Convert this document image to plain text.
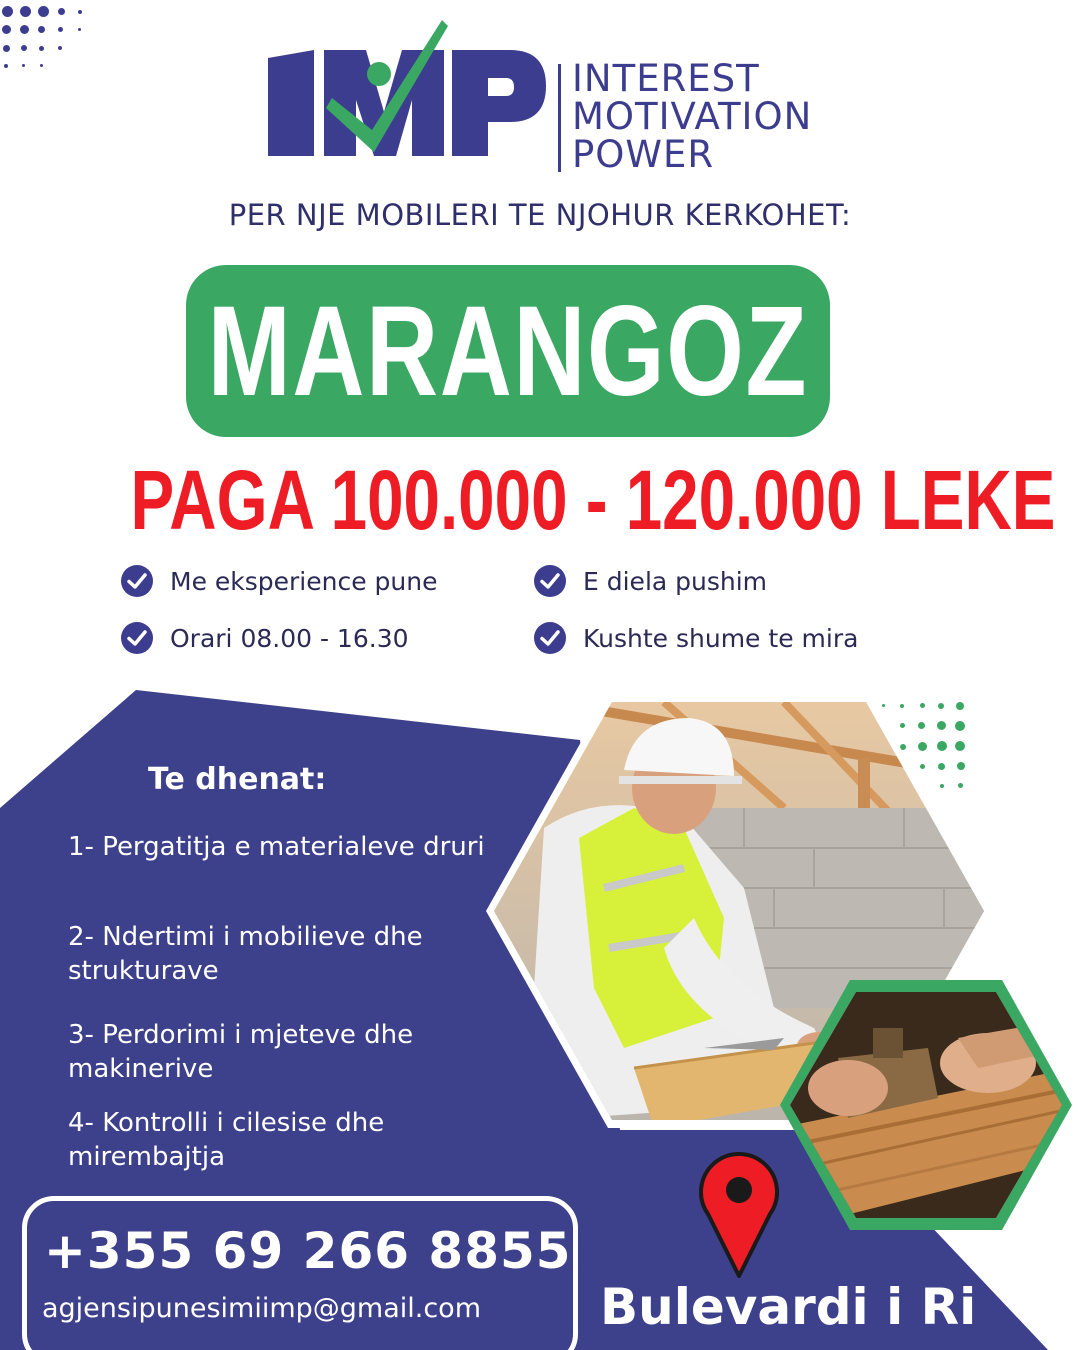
INTEREST
MOTIVATION
POWER
PER NJE MOBILERI TE NJOHUR KERKOHET:
MARANGOZ
PAGA 100.000 - 120.000 LEKE
Me eksperience pune	E diela pushim
Orari 08.00 - 16.30	Kushte shume te mira
Te dhenat:
1- Pergatitja e materialeve druri
2- Ndertimi i mobilieve dhe strukturave
3- Perdorimi i mjeteve dhe makinerive
4- Kontrolli i cilesise dhe mirembajtja
+355 69 266 8855
agjensipunesimiimp@gmail.com Bulevardi i Ri
